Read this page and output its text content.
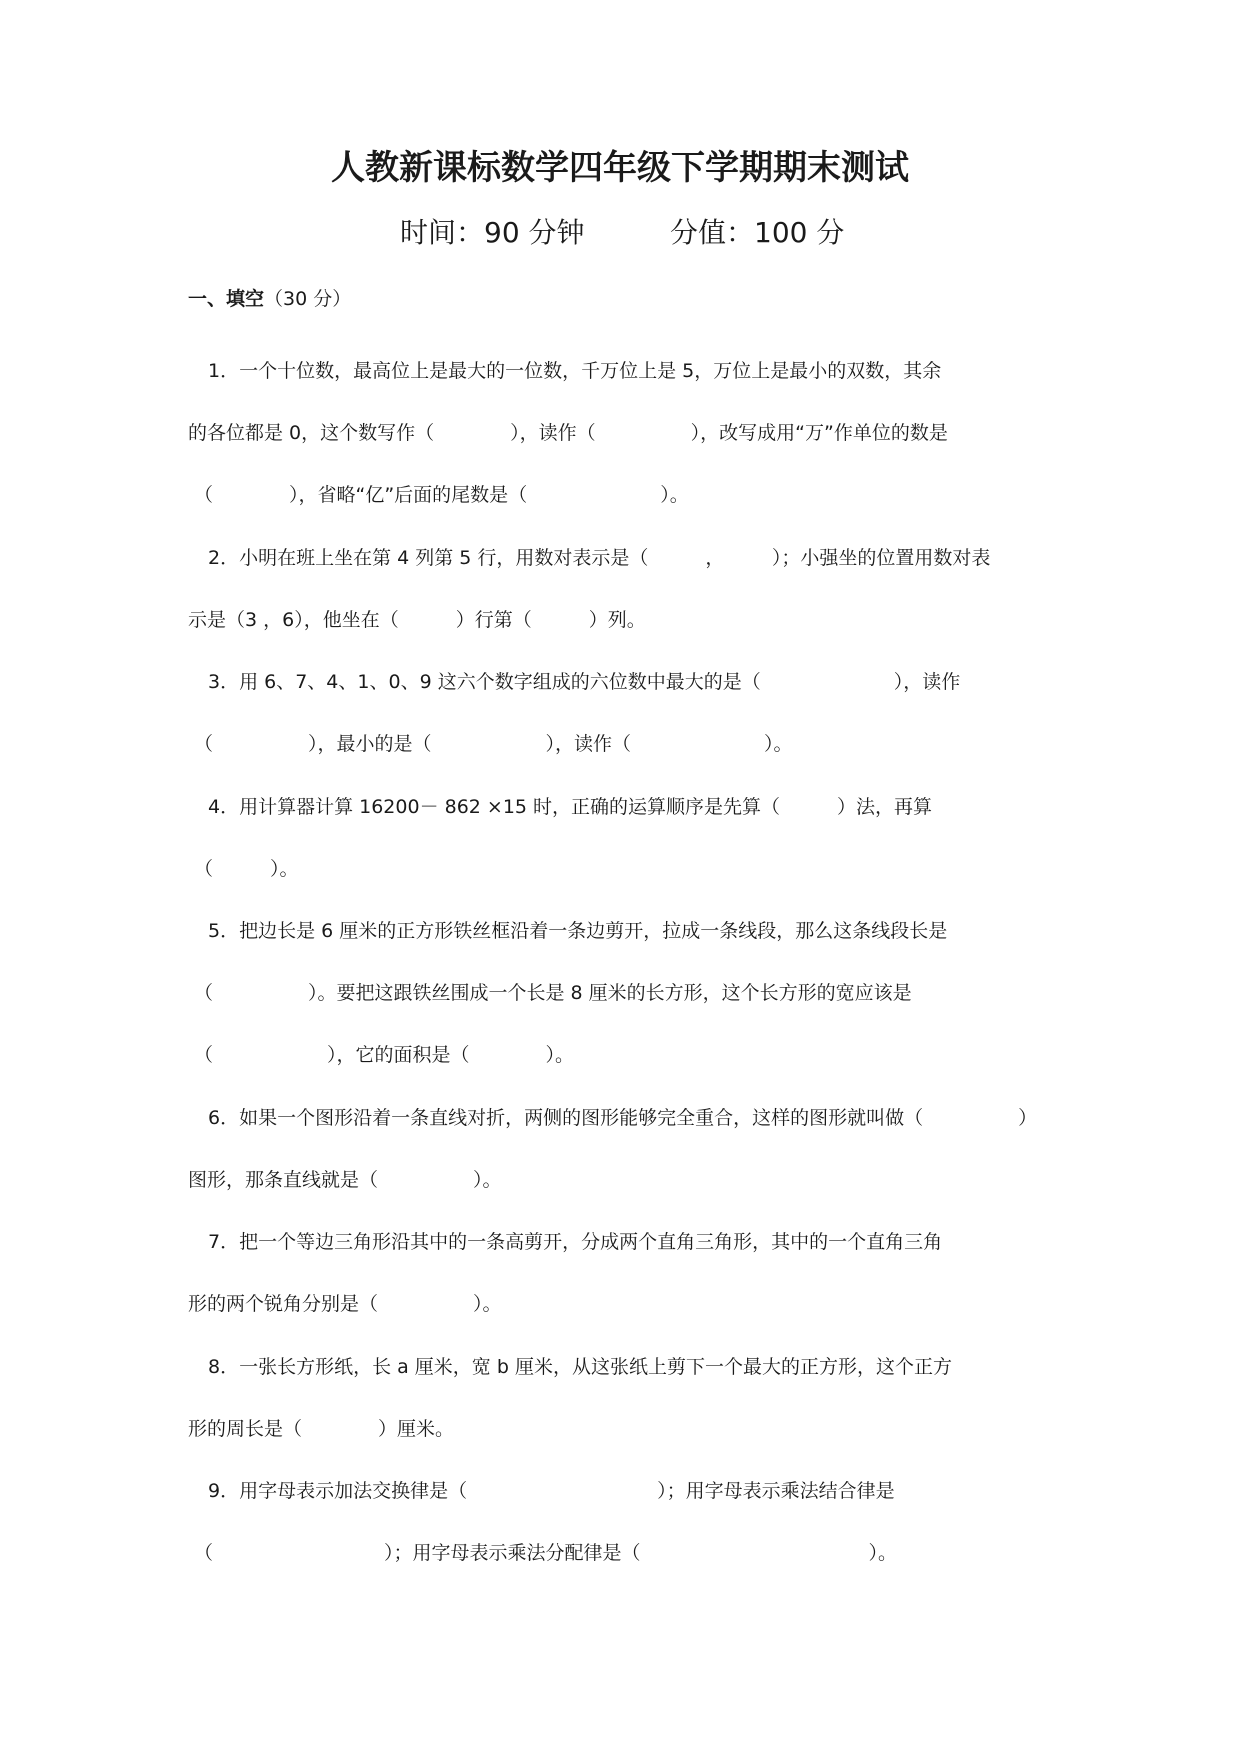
人教新课标数学四年级下学期期末测试
时间：90 分钟	分值：100 分
一、填空（30 分）
1．一个十位数，最高位上是最大的一位数，千万位上是 5，万位上是最小的双数，其余
的各位都是 0，这个数写作（　　　　），读作（　　　　　），改写成用“万”作单位的数是
（　　　　），省略“亿”后面的尾数是（　　　　　　　）。
2．小明在班上坐在第 4 列第 5 行，用数对表示是（　　　，　　　）；小强坐的位置用数对表
示是（3 ，6），他坐在（　　　）行第（　　　）列。
3．用 6、7、4、1、0、9 这六个数字组成的六位数中最大的是（　　　　　　　），读作
（　　　　　），最小的是（　　　　　　），读作（　　　　　　　）。
4．用计算器计算 16200－ 862 ×15 时，正确的运算顺序是先算（　　　）法，再算
（　　　）。
5．把边长是 6 厘米的正方形铁丝框沿着一条边剪开，拉成一条线段，那么这条线段长是
（　　　　　）。要把这跟铁丝围成一个长是 8 厘米的长方形，这个长方形的宽应该是
（　　　　　　），它的面积是（　　　　）。
6．如果一个图形沿着一条直线对折，两侧的图形能够完全重合，这样的图形就叫做（　　　　　）
图形，那条直线就是（　　　　　）。
7．把一个等边三角形沿其中的一条高剪开，分成两个直角三角形，其中的一个直角三角
形的两个锐角分别是（　　　　　）。
8．一张长方形纸，长 a 厘米，宽 b 厘米，从这张纸上剪下一个最大的正方形，这个正方
形的周长是（　　　　）厘米。
9．用字母表示加法交换律是（　　　　　　　　　　）；用字母表示乘法结合律是
（　　　　　　　　　）；用字母表示乘法分配律是（　　　　　　　　　　　　）。
